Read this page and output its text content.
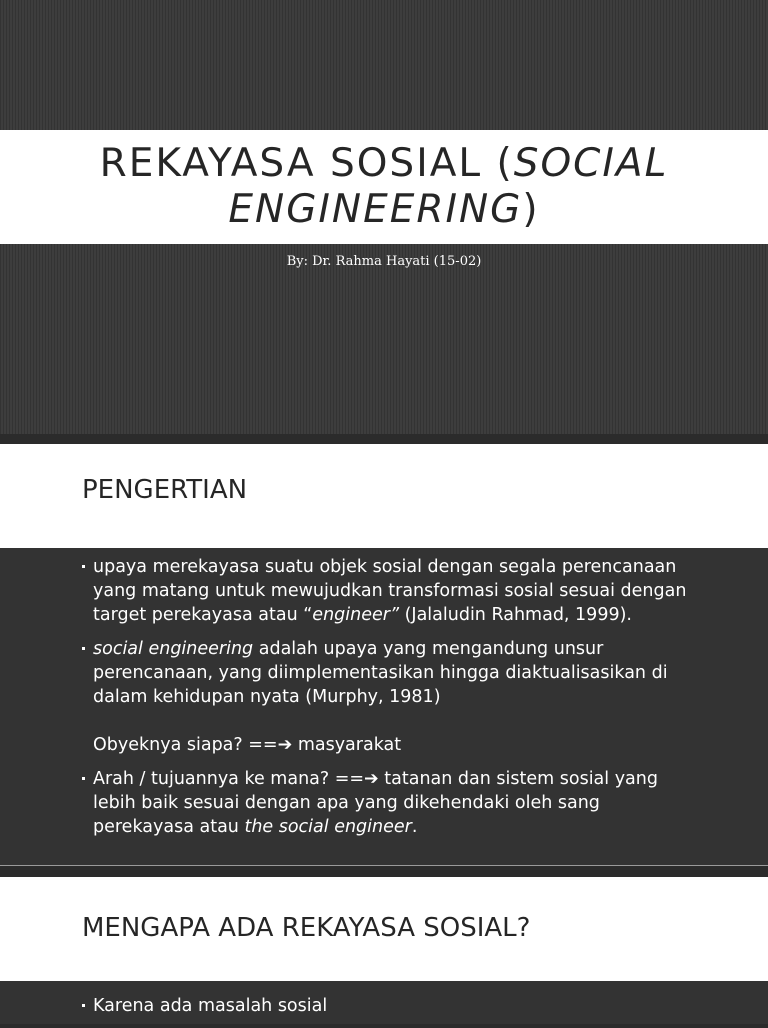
REKAYASA SOSIAL (SOCIAL
ENGINEERING)
By: Dr. Rahma Hayati (15-02)
PENGERTIAN
upaya merekayasa suatu objek sosial dengan segala perencanaan yang matang untuk mewujudkan transformasi sosial sesuai dengan target perekayasa atau “engineer” (Jalaludin Rahmad, 1999).
social engineering adalah upaya yang mengandung unsur perencanaan, yang diimplementasikan hingga diaktualisasikan di dalam kehidupan nyata (Murphy, 1981)
Obyeknya siapa? ==➔ masyarakat
Arah / tujuannya ke mana? ==➔ tatanan dan sistem sosial yang lebih baik sesuai dengan apa yang dikehendaki oleh sang perekayasa atau the social engineer.
MENGAPA ADA REKAYASA SOSIAL?
Karena ada masalah sosial
